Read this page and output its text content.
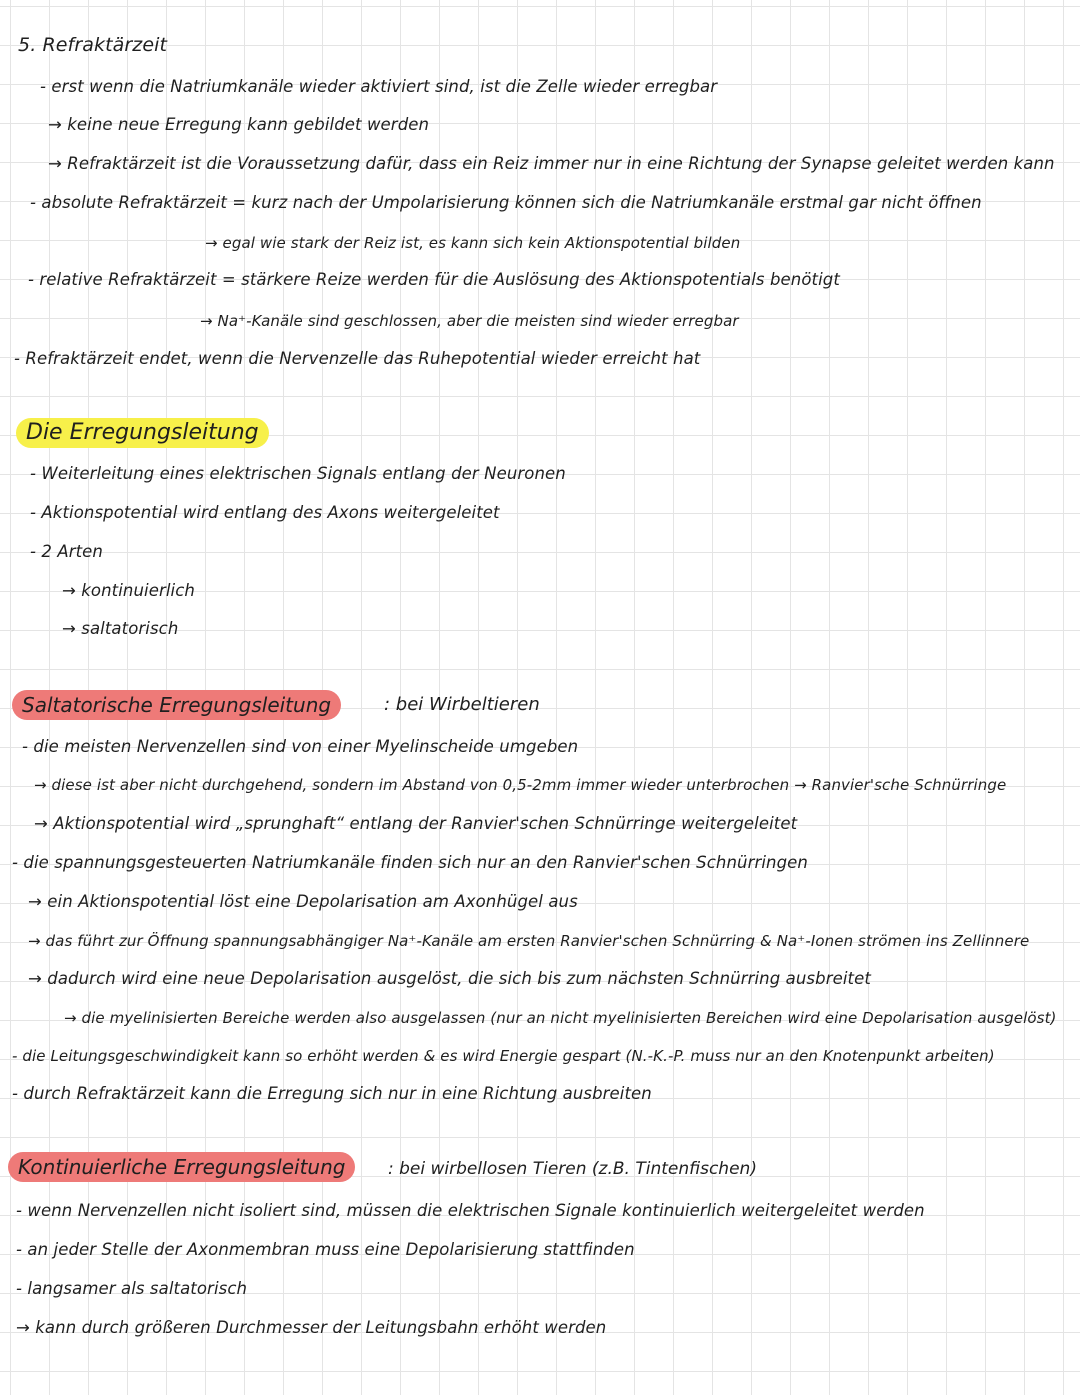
5. Refraktärzeit
- erst wenn die Natriumkanäle wieder aktiviert sind, ist die Zelle wieder erregbar
→ keine neue Erregung kann gebildet werden
→ Refraktärzeit ist die Voraussetzung dafür, dass ein Reiz immer nur in eine Richtung der Synapse geleitet werden kann
- absolute Refraktärzeit = kurz nach der Umpolarisierung können sich die Natriumkanäle erstmal gar nicht öffnen
→ egal wie stark der Reiz ist, es kann sich kein Aktionspotential bilden
- relative Refraktärzeit = stärkere Reize werden für die Auslösung des Aktionspotentials benötigt
→ Na⁺-Kanäle sind geschlossen, aber die meisten sind wieder erregbar
- Refraktärzeit endet, wenn die Nervenzelle das Ruhepotential wieder erreicht hat
Die Erregungsleitung
- Weiterleitung eines elektrischen Signals entlang der Neuronen
- Aktionspotential wird entlang des Axons weitergeleitet
- 2 Arten
→ kontinuierlich
→ saltatorisch
Saltatorische Erregungsleitung	: bei Wirbeltieren
- die meisten Nervenzellen sind von einer Myelinscheide umgeben
→ diese ist aber nicht durchgehend, sondern im Abstand von 0,5-2mm immer wieder unterbrochen → Ranvier'sche Schnürringe
→ Aktionspotential wird „sprunghaft“ entlang der Ranvier'schen Schnürringe weitergeleitet
- die spannungsgesteuerten Natriumkanäle finden sich nur an den Ranvier'schen Schnürringen
→ ein Aktionspotential löst eine Depolarisation am Axonhügel aus
→ das führt zur Öffnung spannungsabhängiger Na⁺-Kanäle am ersten Ranvier'schen Schnürring & Na⁺-Ionen strömen ins Zellinnere
→ dadurch wird eine neue Depolarisation ausgelöst, die sich bis zum nächsten Schnürring ausbreitet
→ die myelinisierten Bereiche werden also ausgelassen (nur an nicht myelinisierten Bereichen wird eine Depolarisation ausgelöst)
- die Leitungsgeschwindigkeit kann so erhöht werden & es wird Energie gespart (N.-K.-P. muss nur an den Knotenpunkt arbeiten)
- durch Refraktärzeit kann die Erregung sich nur in eine Richtung ausbreiten
Kontinuierliche Erregungsleitung	: bei wirbellosen Tieren (z.B. Tintenfischen)
- wenn Nervenzellen nicht isoliert sind, müssen die elektrischen Signale kontinuierlich weitergeleitet werden
- an jeder Stelle der Axonmembran muss eine Depolarisierung stattfinden
- langsamer als saltatorisch
→ kann durch größeren Durchmesser der Leitungsbahn erhöht werden
